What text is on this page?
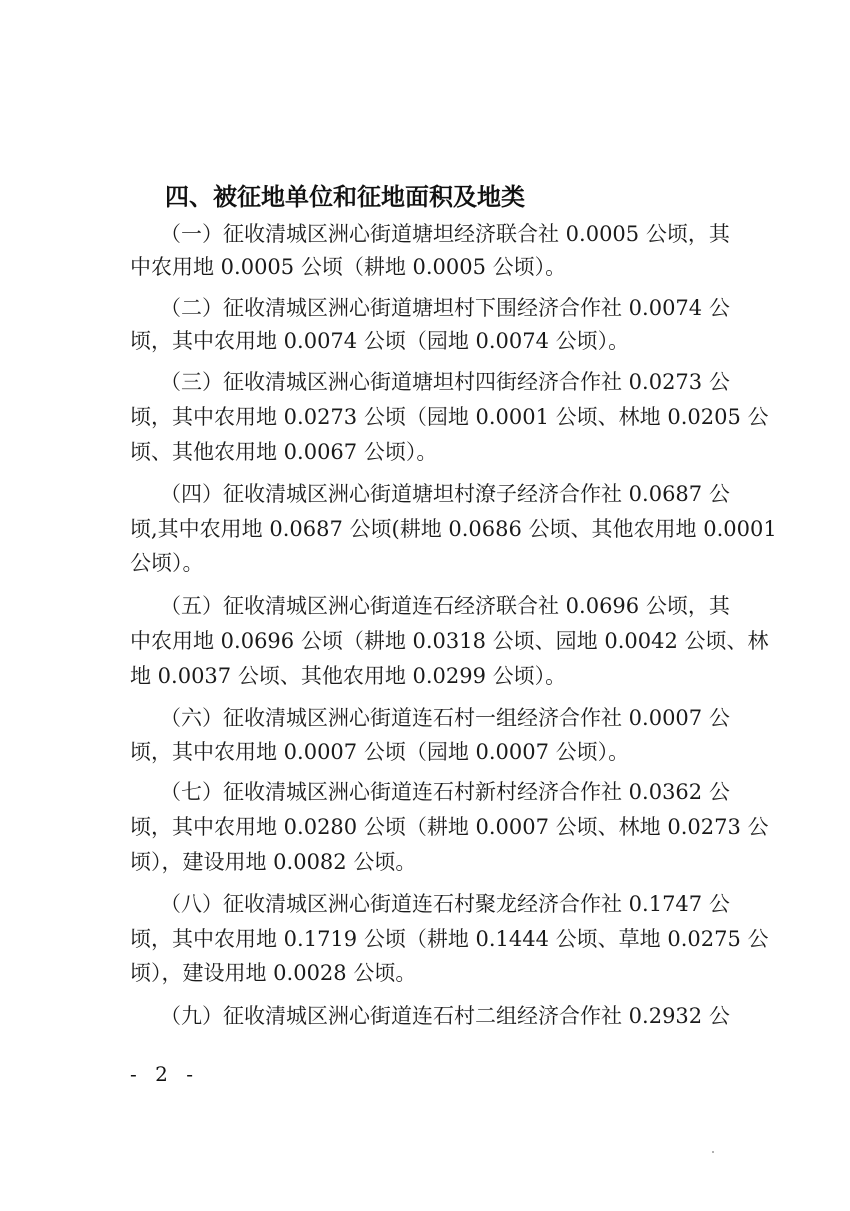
四、被征地单位和征地面积及地类
（一）征收清城区洲心街道塘坦经济联合社 0.0005 公顷，其
中农用地 0.0005 公顷（耕地 0.0005 公顷）。
（二）征收清城区洲心街道塘坦村下围经济合作社 0.0074 公
顷，其中农用地 0.0074 公顷（园地 0.0074 公顷）。
（三）征收清城区洲心街道塘坦村四街经济合作社 0.0273 公
顷，其中农用地 0.0273 公顷（园地 0.0001 公顷、林地 0.0205 公
顷、其他农用地 0.0067 公顷）。
（四）征收清城区洲心街道塘坦村潦子经济合作社 0.0687 公
顷,其中农用地 0.0687 公顷(耕地 0.0686 公顷、其他农用地 0.0001
公顷）。
（五）征收清城区洲心街道连石经济联合社 0.0696 公顷，其
中农用地 0.0696 公顷（耕地 0.0318 公顷、园地 0.0042 公顷、林
地 0.0037 公顷、其他农用地 0.0299 公顷）。
（六）征收清城区洲心街道连石村一组经济合作社 0.0007 公
顷，其中农用地 0.0007 公顷（园地 0.0007 公顷）。
（七）征收清城区洲心街道连石村新村经济合作社 0.0362 公
顷，其中农用地 0.0280 公顷（耕地 0.0007 公顷、林地 0.0273 公
顷），建设用地 0.0082 公顷。
（八）征收清城区洲心街道连石村聚龙经济合作社 0.1747 公
顷，其中农用地 0.1719 公顷（耕地 0.1444 公顷、草地 0.0275 公
顷），建设用地 0.0028 公顷。
（九）征收清城区洲心街道连石村二组经济合作社 0.2932 公
- 2 -
